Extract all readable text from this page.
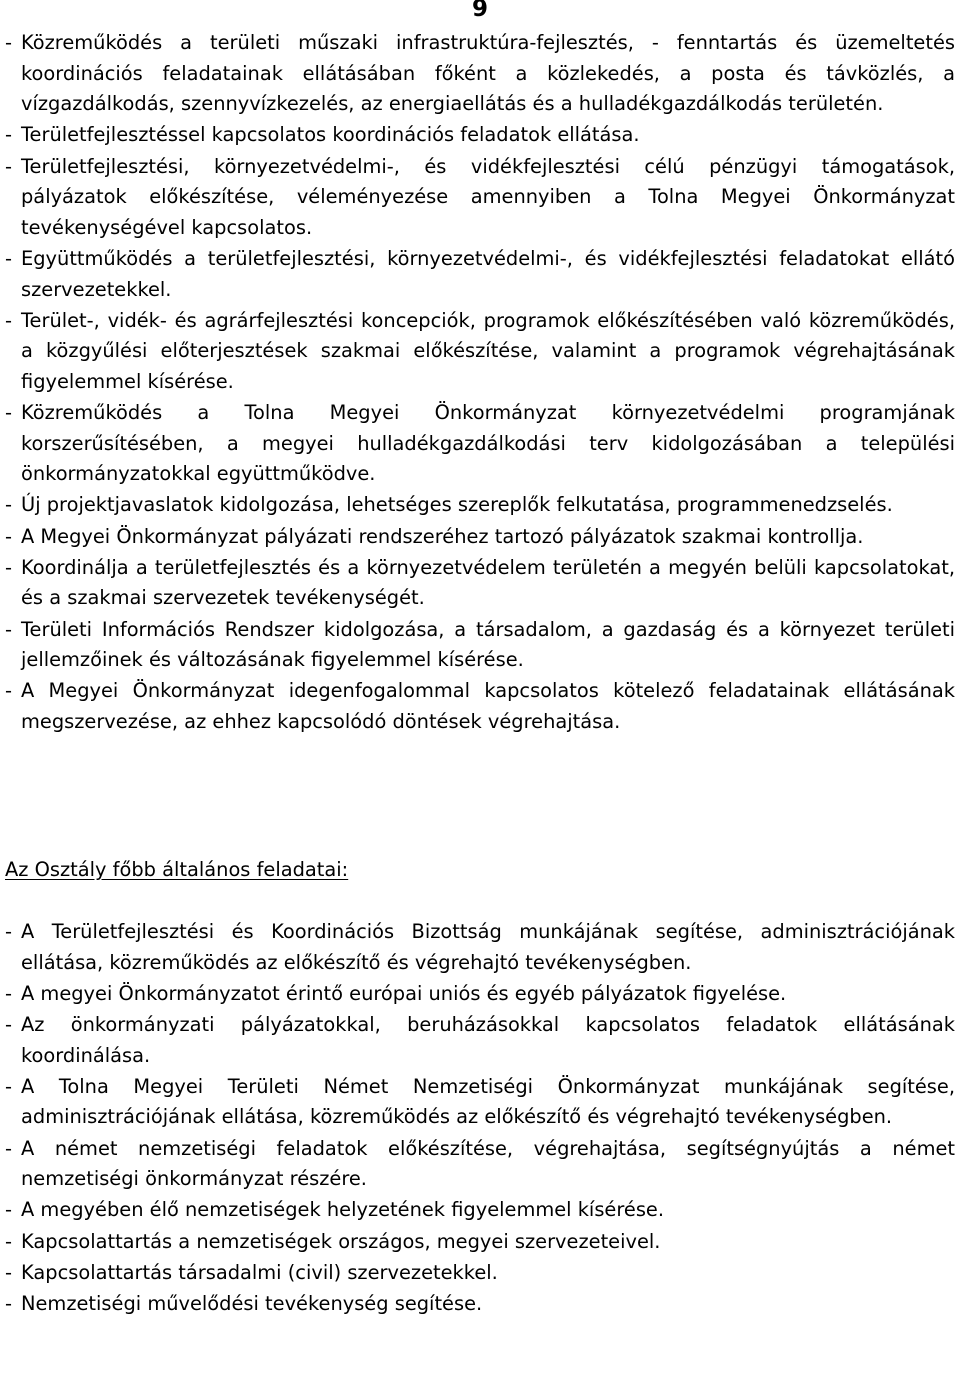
9

- Közreműködés a területi műszaki infrastruktúra-fejlesztés, - fenntartás és üzemeltetés koordinációs feladatainak ellátásában főként a közlekedés, a posta és távközlés, a vízgazdálkodás, szennyvízkezelés, az energiaellátás és a hulladékgazdálkodás területén.
- Területfejlesztéssel kapcsolatos koordinációs feladatok ellátása.
- Területfejlesztési, környezetvédelmi-, és vidékfejlesztési célú pénzügyi támogatások, pályázatok előkészítése, véleményezése amennyiben a Tolna Megyei Önkormányzat tevékenységével kapcsolatos.
- Együttműködés a területfejlesztési, környezetvédelmi-, és vidékfejlesztési feladatokat ellátó szervezetekkel.
- Terület-, vidék- és agrárfejlesztési koncepciók, programok előkészítésében való közreműködés, a közgyűlési előterjesztések szakmai előkészítése, valamint a programok végrehajtásának figyelemmel kísérése.
- Közreműködés a Tolna Megyei Önkormányzat környezetvédelmi programjának korszerűsítésében, a megyei hulladékgazdálkodási terv kidolgozásában a települési önkormányzatokkal együttműködve.
- Új projektjavaslatok kidolgozása, lehetséges szereplők felkutatása, programmenedzselés.
- A Megyei Önkormányzat pályázati rendszeréhez tartozó pályázatok szakmai kontrollja.
- Koordinálja a területfejlesztés és a környezetvédelem területén a megyén belüli kapcsolatokat, és a szakmai szervezetek tevékenységét.
- Területi Információs Rendszer kidolgozása, a társadalom, a gazdaság és a környezet területi jellemzőinek és változásának figyelemmel kísérése.
- A Megyei Önkormányzat idegenfogalommal kapcsolatos kötelező feladatainak ellátásának megszervezése, az ehhez kapcsolódó döntések végrehajtása.
Az Osztály főbb általános feladatai:
- A Területfejlesztési és Koordinációs Bizottság munkájának segítése, adminisztrációjának ellátása, közreműködés az előkészítő és végrehajtó tevékenységben.
- A megyei Önkormányzatot érintő európai uniós és egyéb pályázatok figyelése.
- Az önkormányzati pályázatokkal, beruházásokkal kapcsolatos feladatok ellátásának koordinálása.
- A Tolna Megyei Területi Német Nemzetiségi Önkormányzat munkájának segítése, adminisztrációjának ellátása, közreműködés az előkészítő és végrehajtó tevékenységben.
- A német nemzetiségi feladatok előkészítése, végrehajtása, segítségnyújtás a német nemzetiségi önkormányzat részére.
- A megyében élő nemzetiségek helyzetének figyelemmel kísérése.
- Kapcsolattartás a nemzetiségek országos, megyei szervezeteivel.
- Kapcsolattartás társadalmi (civil) szervezetekkel.
- Nemzetiségi művelődési tevékenység segítése.
